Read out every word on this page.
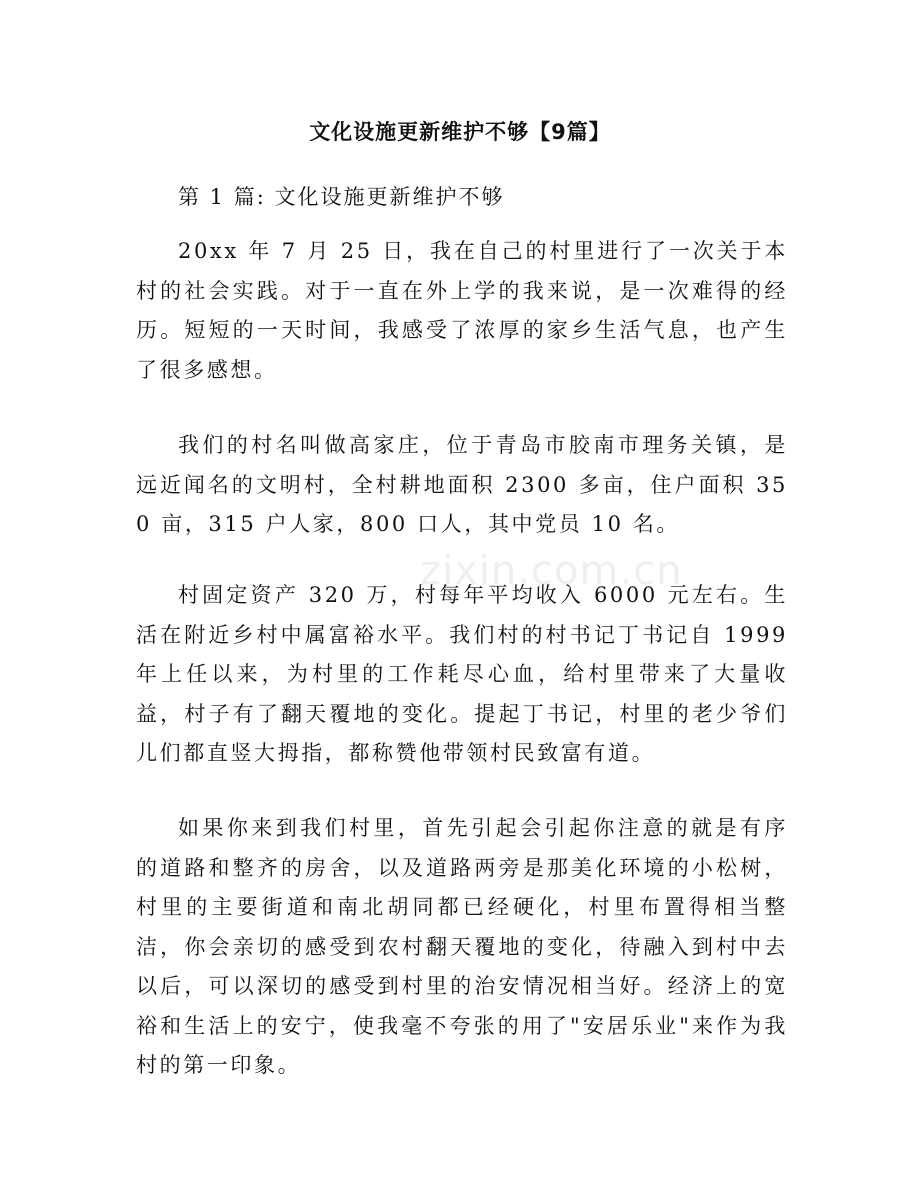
文化设施更新维护不够【9篇】
第 1 篇: 文化设施更新维护不够

20xx 年 7 月 25 日，我在自己的村里进行了一次关于本村的社会实践。对于一直在外上学的我来说，是一次难得的经历。短短的一天时间，我感受了浓厚的家乡生活气息，也产生了很多感想。

我们的村名叫做高家庄，位于青岛市胶南市理务关镇，是远近闻名的文明村，全村耕地面积 2300 多亩，住户面积 350 亩，315 户人家，800 口人，其中党员 10 名。

村固定资产 320 万，村每年平均收入 6000 元左右。生活在附近乡村中属富裕水平。我们村的村书记丁书记自 1999 年上任以来，为村里的工作耗尽心血，给村里带来了大量收益，村子有了翻天覆地的变化。提起丁书记，村里的老少爷们儿们都直竖大拇指，都称赞他带领村民致富有道。

如果你来到我们村里，首先引起会引起你注意的就是有序的道路和整齐的房舍，以及道路两旁是那美化环境的小松树，村里的主要街道和南北胡同都已经硬化，村里布置得相当整洁，你会亲切的感受到农村翻天覆地的变化，待融入到村中去以后，可以深切的感受到村里的治安情况相当好。经济上的宽裕和生活上的安宁，使我毫不夸张的用了"安居乐业"来作为我村的第一印象。

zixin.com.cn
